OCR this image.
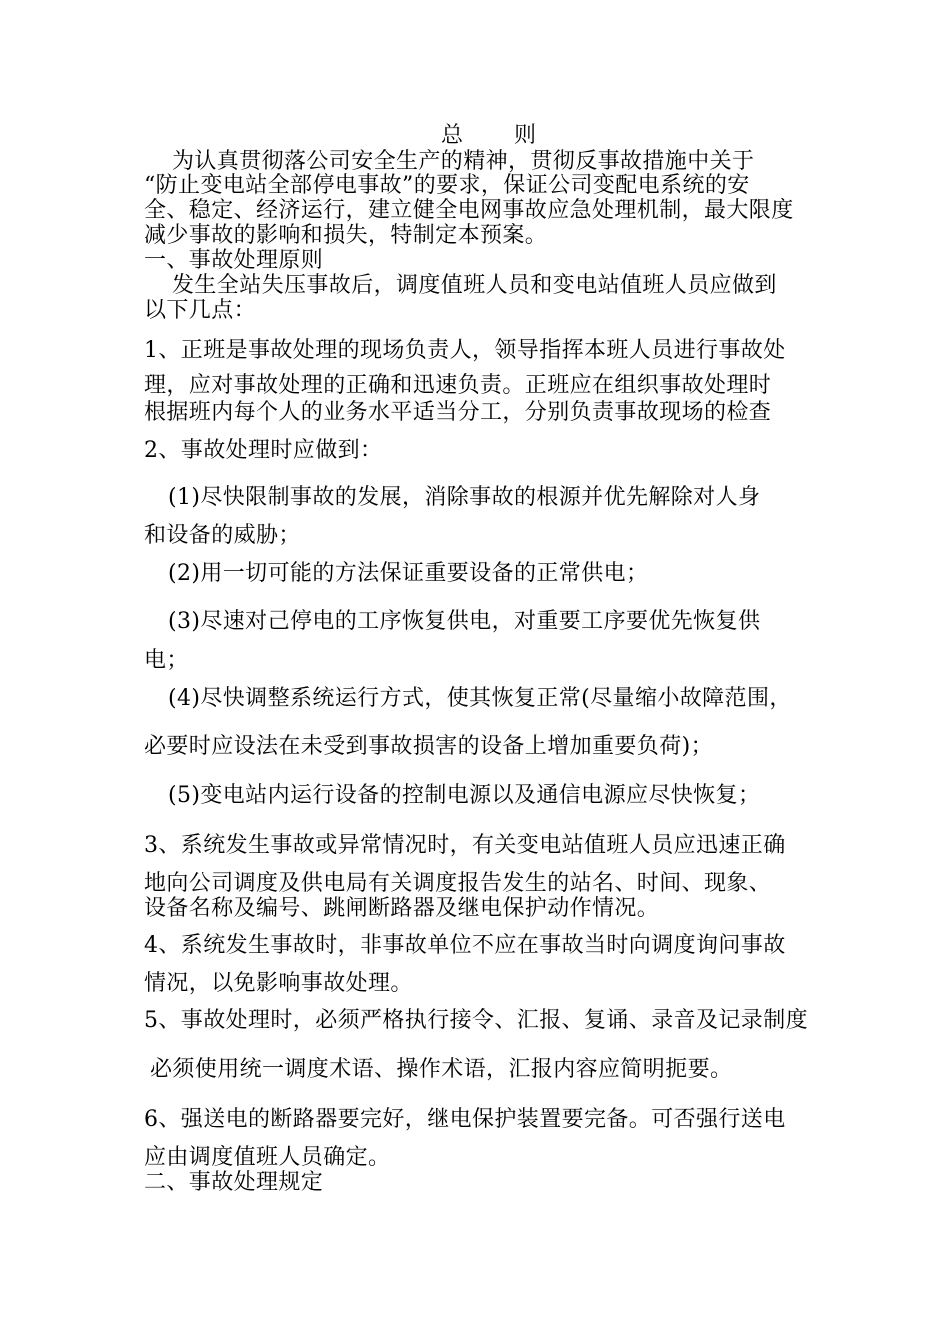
总 则
为认真贯彻落公司安全生产的精神，贯彻反事故措施中关于
“防止变电站全部停电事故”的要求，保证公司变配电系统的安
全、稳定、经济运行，建立健全电网事故应急处理机制，最大限度
减少事故的影响和损失，特制定本预案。
一、事故处理原则
发生全站失压事故后，调度值班人员和变电站值班人员应做到
以下几点：
1、正班是事故处理的现场负责人，领导指挥本班人员进行事故处
理，应对事故处理的正确和迅速负责。正班应在组织事故处理时
根据班内每个人的业务水平适当分工，分别负责事故现场的检查
2、事故处理时应做到：
(1)尽快限制事故的发展，消除事故的根源并优先解除对人身
和设备的威胁；
(2)用一切可能的方法保证重要设备的正常供电；
(3)尽速对己停电的工序恢复供电，对重要工序要优先恢复供
电；
(4)尽快调整系统运行方式，使其恢复正常(尽量缩小故障范围，
必要时应设法在未受到事故损害的设备上增加重要负荷)；
(5)变电站内运行设备的控制电源以及通信电源应尽快恢复；
3、系统发生事故或异常情况时，有关变电站值班人员应迅速正确
地向公司调度及供电局有关调度报告发生的站名、时间、现象、
设备名称及编号、跳闸断路器及继电保护动作情况。
4、系统发生事故时，非事故单位不应在事故当时向调度询问事故
情况，以免影响事故处理。
5、事故处理时，必须严格执行接令、汇报、复诵、录音及记录制度
必须使用统一调度术语、操作术语，汇报内容应简明扼要。
6、强送电的断路器要完好，继电保护装置要完备。可否强行送电
应由调度值班人员确定。
二、事故处理规定
